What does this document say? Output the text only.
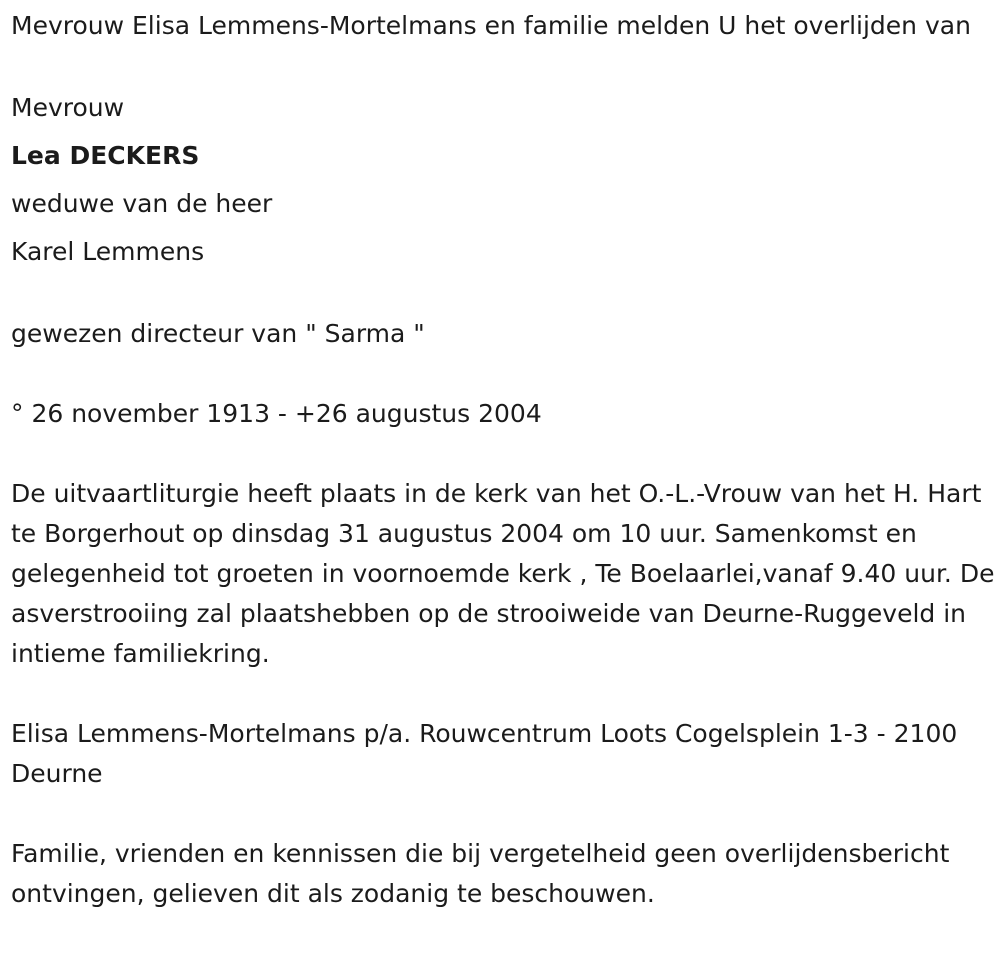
Mevrouw Elisa Lemmens-Mortelmans en familie melden U het overlijden van

Mevrouw

Lea DECKERS

weduwe van de heer

Karel Lemmens

gewezen directeur van " Sarma "

° 26 november 1913 - +26 augustus 2004

De uitvaartliturgie heeft plaats in de kerk van het O.-L.-Vrouw van het H. Hart te Borgerhout op dinsdag 31 augustus 2004 om 10 uur. Samenkomst en gelegenheid tot groeten in voornoemde kerk , Te Boelaarlei,vanaf 9.40 uur. De asverstrooiing zal plaatshebben op de strooiweide van Deurne-Ruggeveld in intieme familiekring.

Elisa Lemmens-Mortelmans p/a. Rouwcentrum Loots Cogelsplein 1-3 - 2100 Deurne

Familie, vrienden en kennissen die bij vergetelheid geen overlijdensbericht ontvingen, gelieven dit als zodanig te beschouwen.
